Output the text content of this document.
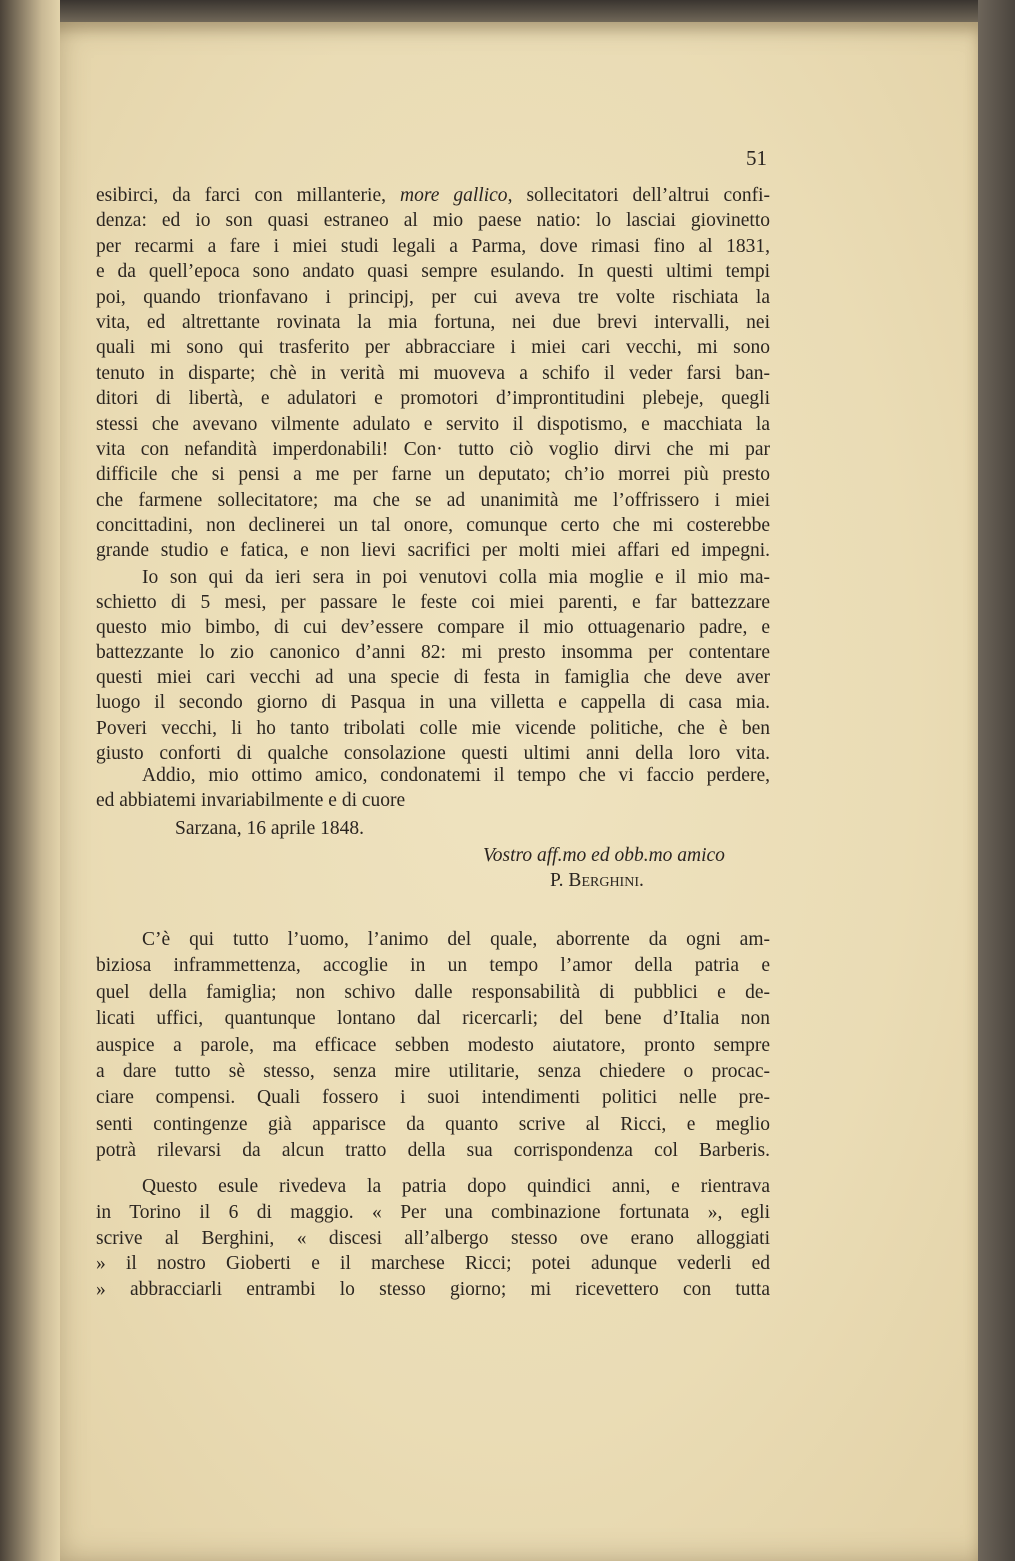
51
esibirci, da farci con millanterie, more gallico, sollecitatori dell’altrui confi-
denza: ed io son quasi estraneo al mio paese natio: lo lasciai giovinetto
per recarmi a fare i miei studi legali a Parma, dove rimasi fino al 1831,
e da quell’epoca sono andato quasi sempre esulando. In questi ultimi tempi
poi, quando trionfavano i principj, per cui aveva tre volte rischiata la
vita, ed altrettante rovinata la mia fortuna, nei due brevi intervalli, nei
quali mi sono qui trasferito per abbracciare i miei cari vecchi, mi sono
tenuto in disparte; chè in verità mi muoveva a schifo il veder farsi ban-
ditori di libertà, e adulatori e promotori d’improntitudini plebeje, quegli
stessi che avevano vilmente adulato e servito il dispotismo, e macchiata la
vita con nefandità imperdonabili! Con· tutto ciò voglio dirvi che mi par
difficile che si pensi a me per farne un deputato; ch’io morrei più presto
che farmene sollecitatore; ma che se ad unanimità me l’offrissero i miei
concittadini, non declinerei un tal onore, comunque certo che mi costerebbe
grande studio e fatica, e non lievi sacrifici per molti miei affari ed impegni.
Io son qui da ieri sera in poi venutovi colla mia moglie e il mio ma-
schietto di 5 mesi, per passare le feste coi miei parenti, e far battezzare
questo mio bimbo, di cui dev’essere compare il mio ottuagenario padre, e
battezzante lo zio canonico d’anni 82: mi presto insomma per contentare
questi miei cari vecchi ad una specie di festa in famiglia che deve aver
luogo il secondo giorno di Pasqua in una villetta e cappella di casa mia.
Poveri vecchi, li ho tanto tribolati colle mie vicende politiche, che è ben
giusto conforti di qualche consolazione questi ultimi anni della loro vita.
Addio, mio ottimo amico, condonatemi il tempo che vi faccio perdere,
ed abbiatemi invariabilmente e di cuore
Sarzana, 16 aprile 1848.
Vostro aff.mo ed obb.mo amico
P. Berghini.
C’è qui tutto l’uomo, l’animo del quale, aborrente da ogni am-
biziosa inframmettenza, accoglie in un tempo l’amor della patria e
quel della famiglia; non schivo dalle responsabilità di pubblici e de-
licati uffici, quantunque lontano dal ricercarli; del bene d’Italia non
auspice a parole, ma efficace sebben modesto aiutatore, pronto sempre
a dare tutto sè stesso, senza mire utilitarie, senza chiedere o procac-
ciare compensi. Quali fossero i suoi intendimenti politici nelle pre-
senti contingenze già apparisce da quanto scrive al Ricci, e meglio
potrà rilevarsi da alcun tratto della sua corrispondenza col Barberis.
Questo esule rivedeva la patria dopo quindici anni, e rientrava
in Torino il 6 di maggio. « Per una combinazione fortunata », egli
scrive al Berghini, « discesi all’albergo stesso ove erano alloggiati
» il nostro Gioberti e il marchese Ricci; potei adunque vederli ed
» abbracciarli entrambi lo stesso giorno; mi ricevettero con tutta
